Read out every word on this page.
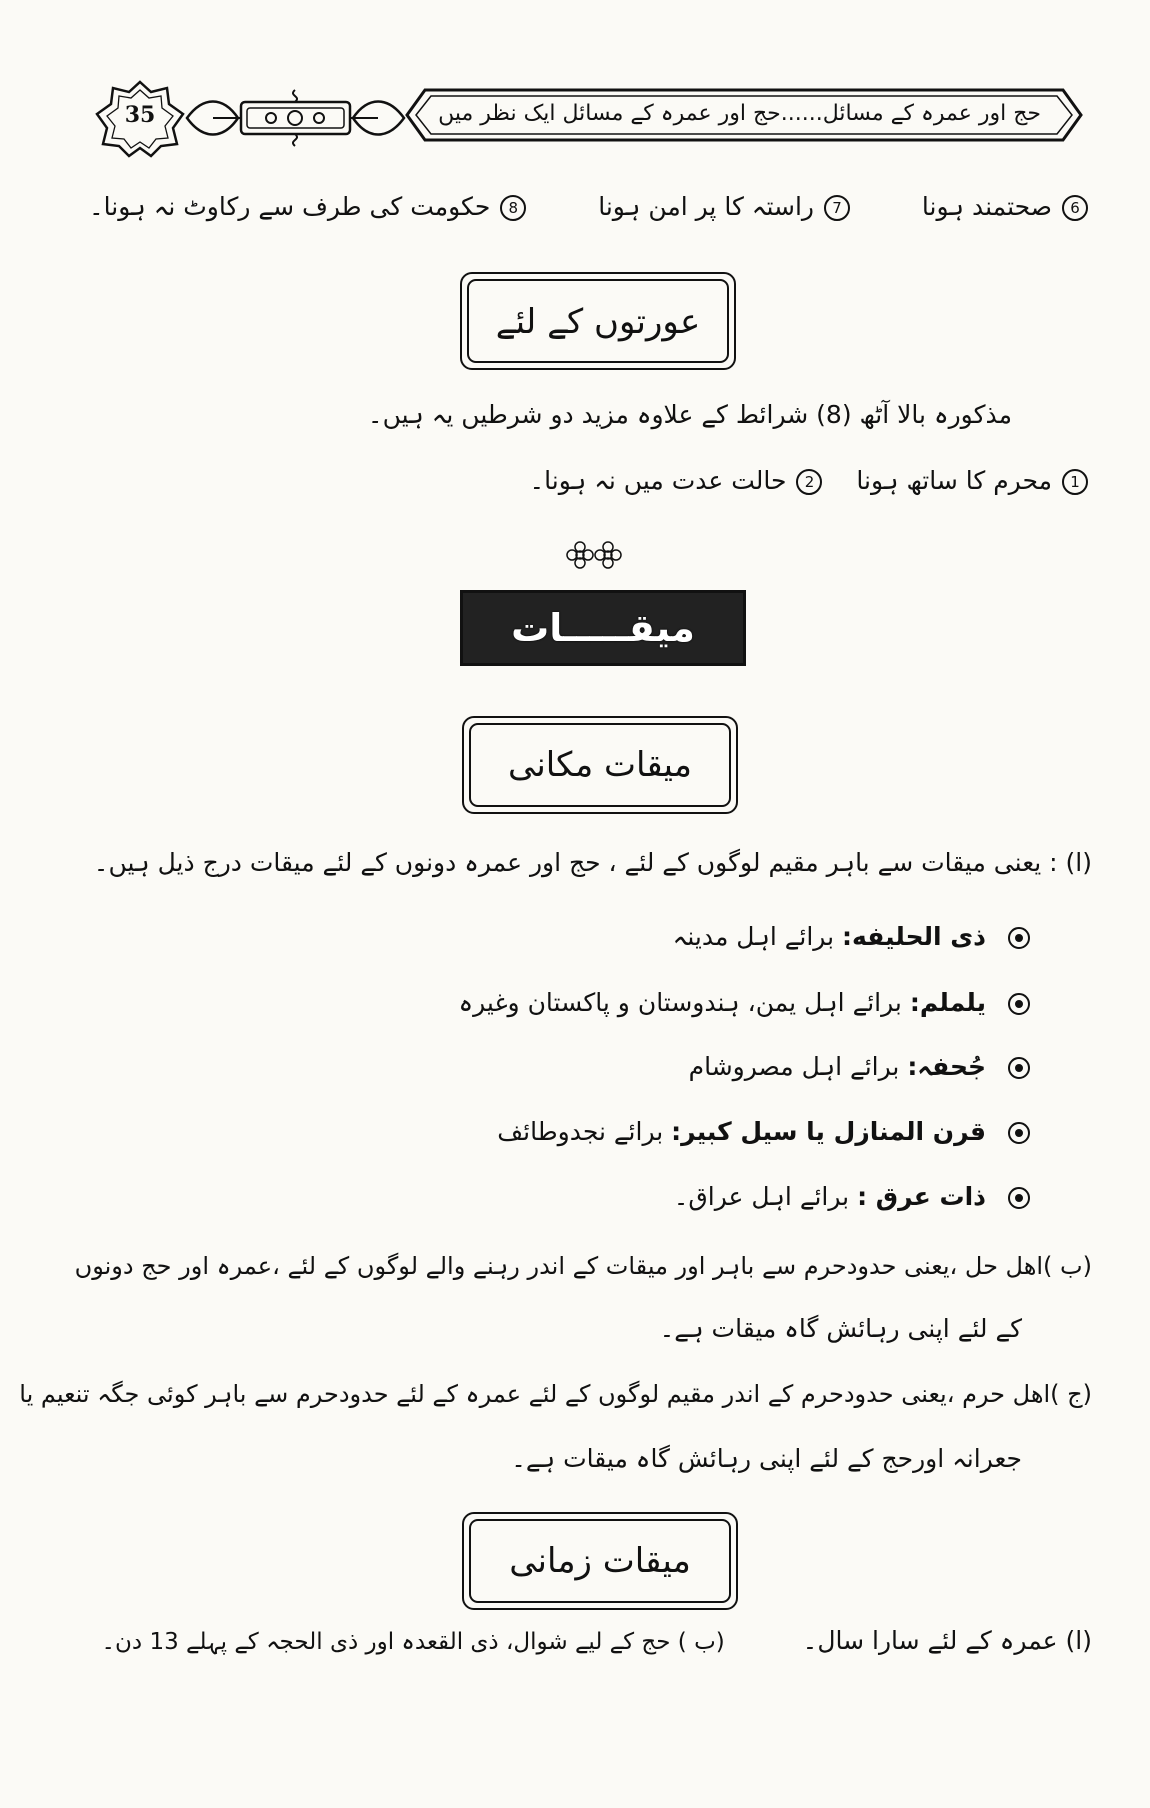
حج اور عمرہ کے مسائل......حج اور عمرہ کے مسائل ایک نظر میں
35
6صحتمند ہونا  7راستہ کا پر امن ہونا  8حکومت کی طرف سے رکاوٹ نہ ہونا۔
عورتوں کے لئے
مذکورہ بالا آٹھ (8) شرائط کے علاوہ مزید دو شرطیں یہ ہیں۔
1محرم کا ساتھ ہونا  2حالت عدت میں نہ ہونا۔
میقـــــات
میقات مکانی
(ا) : یعنی میقات سے باہر مقیم لوگوں کے لئے ، حج اور عمرہ دونوں کے لئے میقات درج ذیل ہیں۔
ذی الحلیفه: برائے اہل مدینہ
یلملم: برائے اہل یمن، ہندوستان و پاکستان وغیرہ
جُحفہ: برائے اہل مصروشام
قرن المنازل یا سیل کبیر: برائے نجدوطائف
ذات عرق : برائے اہل عراق۔
(ب )اهل حل ،یعنی حدودحرم سے باہر اور میقات کے اندر رہنے والے لوگوں کے لئے ،عمرہ اور حج دونوں
کے لئے اپنی رہائش گاہ میقات ہے۔
(ج )اهل حرم ،یعنی حدودحرم کے اندر مقیم لوگوں کے لئے عمرہ کے لئے حدودحرم سے باہر کوئی جگہ تنعیم یا
جعرانہ اورحج کے لئے اپنی رہائش گاہ میقات ہے۔
میقات زمانی
(ا) عمرہ کے لئے سارا سال۔ (ب ) حج کے لیے شوال، ذی القعدہ اور ذی الحجہ کے پہلے 13 دن۔
